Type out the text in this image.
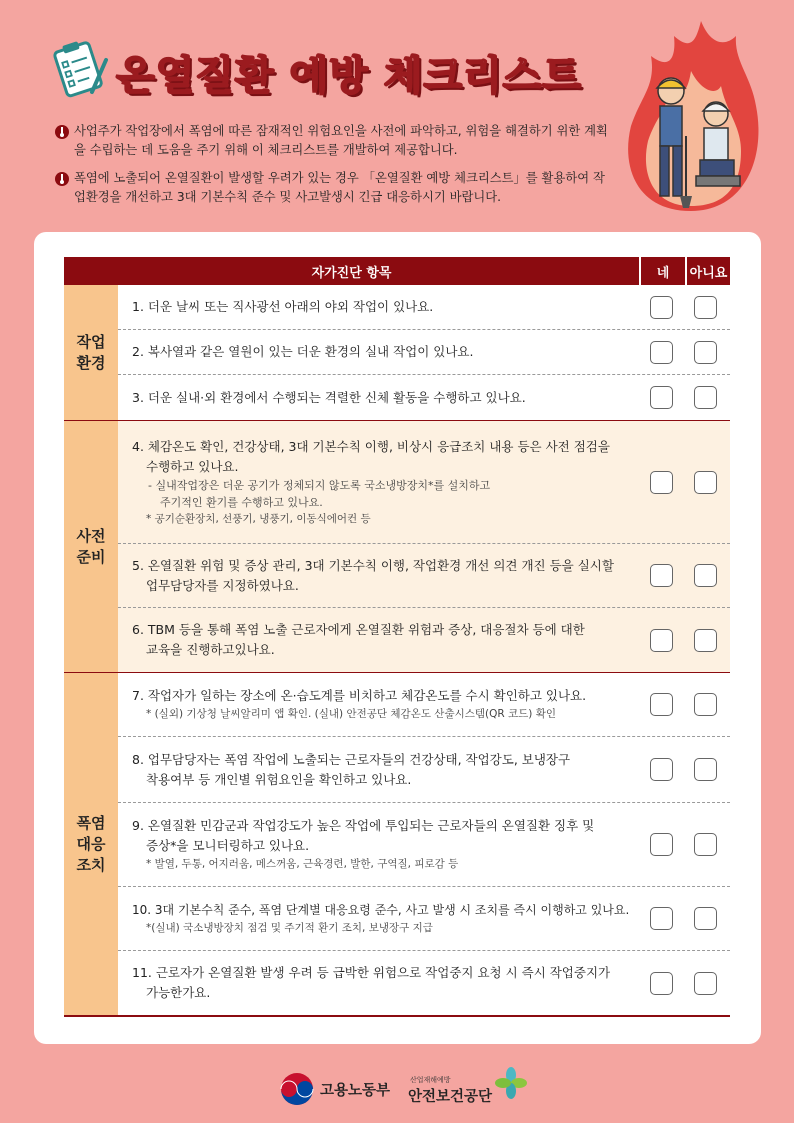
온열질환 예방 체크리스트
사업주가 작업장에서 폭염에 따른 잠재적인 위험요인을 사전에 파악하고, 위험을 해결하기 위한 계획을 수립하는 데 도움을 주기 위해 이 체크리스트를 개발하여 제공합니다.
폭염에 노출되어 온열질환이 발생할 우려가 있는 경우 「온열질환 예방 체크리스트」를 활용하여 작업환경을 개선하고 3대 기본수칙 준수 및 사고발생시 긴급 대응하시기 바랍니다.
자가진단 항목	네	아니요
작업
환경
1. 더운 날씨 또는 직사광선 아래의 야외 작업이 있나요.
2. 복사열과 같은 열원이 있는 더운 환경의 실내 작업이 있나요.
3. 더운 실내·외 환경에서 수행되는 격렬한 신체 활동을 수행하고 있나요.
사전
준비
4. 체감온도 확인, 건강상태, 3대 기본수칙 이행, 비상시 응급조치 내용 등은 사전 점검을
수행하고 있나요.
- 실내작업장은 더운 공기가 정체되지 않도록 국소냉방장치*를 설치하고
주기적인 환기를 수행하고 있나요.
* 공기순환장치, 선풍기, 냉풍기, 이동식에어컨 등
5. 온열질환 위험 및 증상 관리, 3대 기본수칙 이행, 작업환경 개선 의견 개진 등을 실시할
업무담당자를 지정하였나요.
6. TBM 등을 통해 폭염 노출 근로자에게 온열질환 위험과 증상, 대응절차 등에 대한
교육을 진행하고있나요.
폭염
대응
조치
7. 작업자가 일하는 장소에 온·습도계를 비치하고 체감온도를 수시 확인하고 있나요.
* (실외) 기상청 날씨알리미 앱 확인. (실내) 안전공단 체감온도 산출시스템(QR 코드) 확인
8. 업무담당자는 폭염 작업에 노출되는 근로자들의 건강상태, 작업강도, 보냉장구
착용여부 등 개인별 위험요인을 확인하고 있나요.
9. 온열질환 민감군과 작업강도가 높은 작업에 투입되는 근로자들의 온열질환 징후 및
증상*을 모니터링하고 있나요.
* 발열, 두통, 어지러움, 메스꺼움, 근육경련, 발한, 구역질, 피로감 등
10. 3대 기본수칙 준수, 폭염 단계별 대응요령 준수, 사고 발생 시 조치를 즉시 이행하고 있나요.
*(실내) 국소냉방장치 점검 및 주기적 환기 조치, 보냉장구 지급
11. 근로자가 온열질환 발생 우려 등 급박한 위험으로 작업중지 요청 시 즉시 작업중지가
가능한가요.
고용노동부
산업재해예방
안전보건공단
